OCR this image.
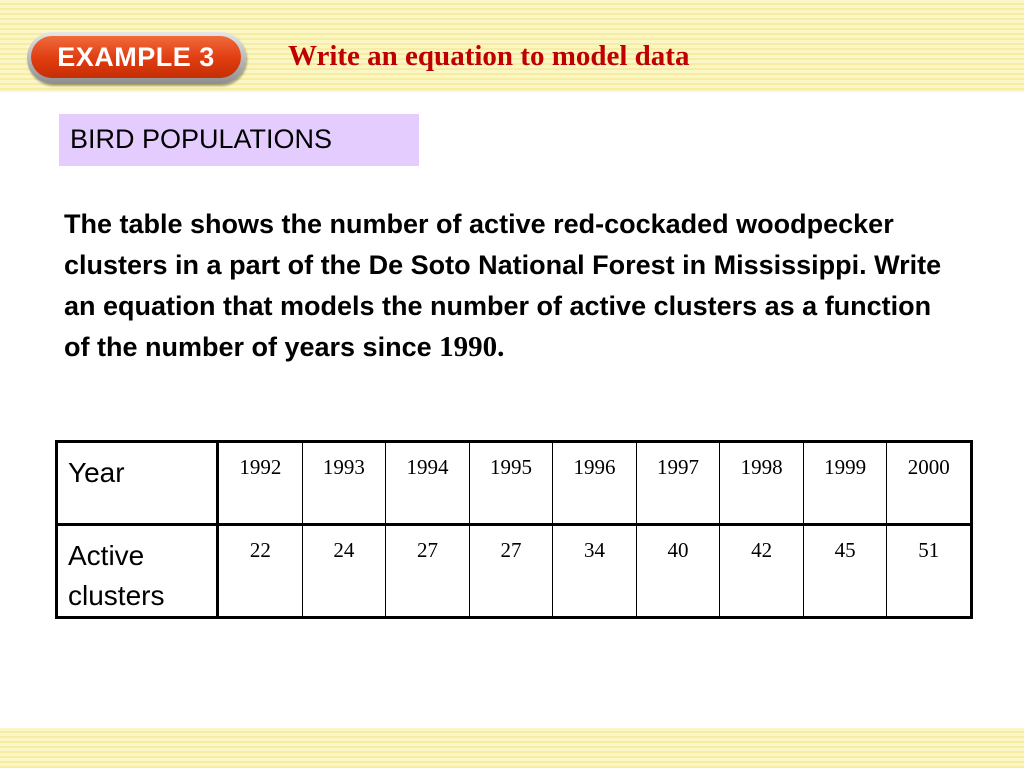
EXAMPLE 3	Write an equation to model data
BIRD POPULATIONS
The table shows the number of active red-cockaded woodpecker clusters in a part of the De Soto National Forest in Mississippi. Write an equation that models the number of active clusters as a function of the number of years since 1990.
Year	1992	1993	1994	1995	1996	1997	1998	1999	2000
Active clusters	22	24	27	27	34	40	42	45	51
